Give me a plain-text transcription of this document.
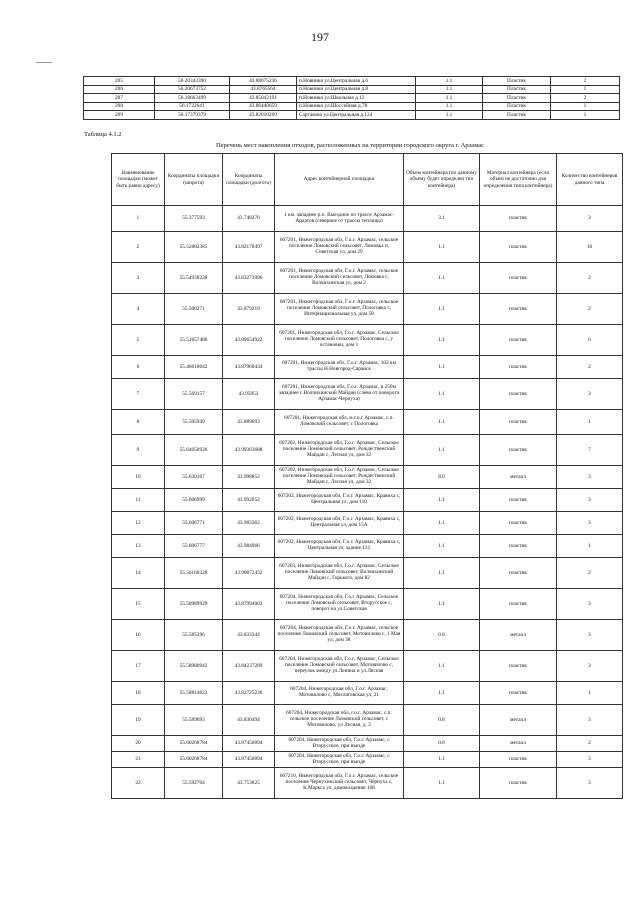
197
205	56.20343390	43.88075236	п.Новинки ул.Центральная д.6	1.1	Пластик	2
206	56.20673752	43.8765564	п.Новинки ул.Центральная д.8	1.1	Пластик	1
207	56.18663499	43.85042191	п.Новинки ул.Школьная д.12	1.1	Пластик	2
208	56.1722641	43.86440659	п.Новинки ул.Шоссейная д.78	1.1	Пластик	1
209	56.17379379	43.82010269	Сартаково ул.Центральная д.124	1.1	Пластик	1
Таблица 4.1.2
Перечень мест накопления отходов, расположенных на территории городского округа г. Арзамас
Наименование площадки (может быть равно адресу)	Координаты площадки (широта)	Координаты площадки (долгота)	Адрес контейнерной площадки	Объем контейнера (по данному объему будет определен тип контейнера)	Материал контейнера (если объем не достаточно для определения типа контейнера)	Количество контейнеров данного типа
1	55.377593	43.748276	1 км. западнее р.п. Выездное по трассе Арзамас- Ардатов (севернее от трассы теплицы)	3.1	пластик	3
2	55.52882385	43.82178497	607201, Нижегородская обл, Г.о.г. Арзамас, сельское поселение Ломовский сельсовет, Ломовка п, Советская ул, дом 29	1.1	пластик	10
3	55.54930238	43.83273096	607201, Нижегородская обл, Г.о.г. Арзамас, сельское поселение Ломовский сельсовет, Ломовка с, Волчихинская ул, дом 2	1.1	пластик	2
4	55.500271	43.879219	607201, Нижегородская обл, Г.о.г. Арзамас, сельское поселение Ломовский сельсовет, Пологовка с, Интернациональная ул, дом 58	1.1	пластик	2
5	55.51657486	43.89654922	607201, Нижегородская обл, Г.о.г. Арзамас, Сельское поселение Ломовский сельсовет, Пологовка с, у остановки, дом 1	1.1	пластик	6
6	55.46610642	43.87960434	607201, Нижегородская обл, Г.о.г. Арзамас, 102 км трассы Н.Новгород-Саранск	1.1	пластик	2
7	55.569157	43.95953	607201, Нижегородская обл, Г.о.г. Арзамас, в 250м западнее с.Волчихинский Майдан (слева от поворота Арзамас-Чернуха)	1.1	пластик	3
8	55.505949	43.889693	607201, Нижегородская обл, м.г.о.г Арзамас, с.п. Ломовский сельсовет, с Пологовка	1.1	пластик	1
9	55.64050926	43.99363688	607202, Нижегородская обл, Г.о.г. Арзамас, Сельское поселение Ломовский сельсовет, Рождественский Майдан с, Лесная ул, дом 32	1.1	пластик	7
10	55.630167	43.998852	607202, Нижегородская обл, Г.о.г. Арзамас, Сельское поселение Ломовский сельсовет, Рождественский Майдан с, Лесная ул, дом 32	8.0	металл	3
11	55.606999	43.992052	607202, Нижегородская обл, Г.о.г. Арзамас, Кравиха с, Центральная ул, дом 110	1.1	пластик	3
12	55.606771	43.983362	607202, Нижегородская обл, Г.о.г. Арзамас, Кравиха с, Центральная ул, дом 15А	1.1	пластик	3
13	55.606777	43.984966	607202, Нижегородская обл, Г.о.г. Арзамас, Кравиха с, Центральная ул, здание 131	1.1	пластик	1
14	55.56160328	43.90872432	607203, Нижегородская обл, Г.о.г. Арзамас, Сельское поселение Ломовский сельсовет, Волчихинский Майдан с, Горького, дом 82	1.1	пластик	2
15	55.50989929	43.87994003	607204, Нижегородская обл, Г.о.г Арзамас, Сельское поселение Ломовский сельсовет, Вторусское с, поворот на ул.Советская	1.1	пластик	3
16	55.585396	43.833344	607204, Нижегородская обл, Г.о.г. Арзамас, сельское поселение Ломовский сельсовет, Мотовилово с, 1 Мая ул, дом 38	0.8	металл	3
17	55.58980942	43.84237289	607204, Нижегородская обл, Г.о.г. Арзамас, Сельское поселение Ломовский сельсовет, Мотовилово с, переулок между ул.Ленина и ул.Лесная	1.1	пластик	3
18	55.58814623	43.82725236	607204, Нижегородская обл, Г.о.г. Арзамас, Мотовилово с, Мохлатовская ул, 21	1.1	пластик	1
19	55.589693	43.830494	607204, Нижегородская обл, г.о.г. Арзамас, с.п. сельское поселение Ломовский сельсовет, с Мотовилово, ул Лесная, д. 3	0.8	металл	3
20	55.60268784	43.87456894	607204, Нижегородская обл, Г.о.г. Арзамас, с Вторусское, при въезде	0.8	металл	2
21	55.60268784	43.87456894	607204, Нижегородская обл, Г.о.г. Арзамас, с Вторусское, при въезде	1.1	пластик	3
22	55.592704	43.753825	607210, Нижегородская обл, Г.о.г. Арзамас, сельское поселение Чернухинский сельсовет, Чернуха с, К.Маркса ул, домовладение 108	1.1	пластик	3
